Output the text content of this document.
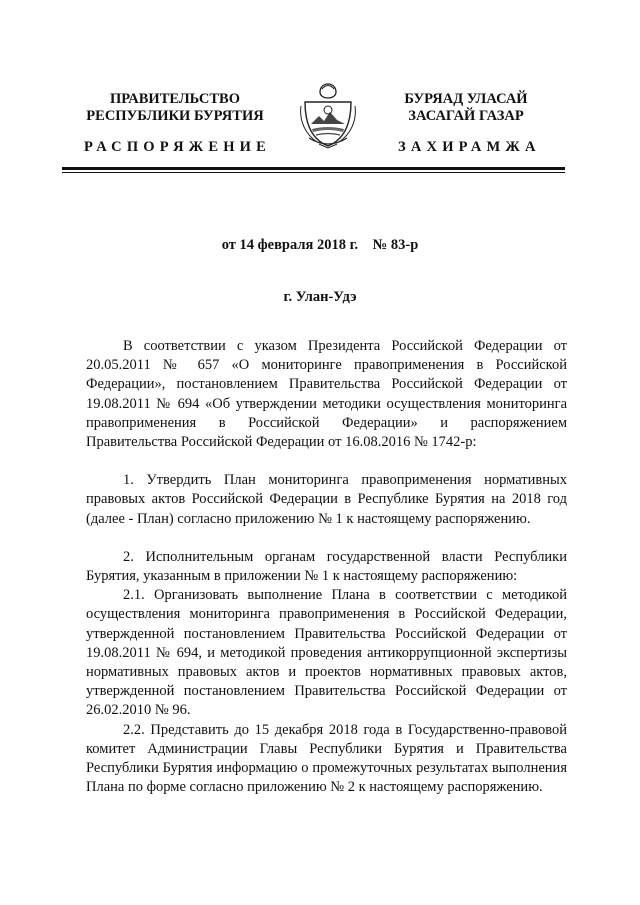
ПРАВИТЕЛЬСТВО
РЕСПУБЛИКИ БУРЯТИЯ
БУРЯАД УЛАСАЙ
ЗАСАГАЙ ГАЗАР
РАСПОРЯЖЕНИЕ	ЗАХИРАМЖА
от 14 февраля 2018 г.    № 83-р
г. Улан-Удэ

В соответствии с указом Президента Российской Федерации от 20.05.2011 № 657 «О мониторинге правоприменения в Российской Федерации», постановлением Правительства Российской Федерации от 19.08.2011 № 694 «Об утверждении методики осуществления мониторинга правоприменения в Российской Федерации» и распоряжением Правительства Российской Федерации от 16.08.2016 № 1742-р:

1. Утвердить План мониторинга правоприменения нормативных правовых актов Российской Федерации в Республике Бурятия на 2018 год (далее - План) согласно приложению № 1 к настоящему распоряжению.

2. Исполнительным органам государственной власти Республики Бурятия, указанным в приложении № 1 к настоящему распоряжению:

2.1. Организовать выполнение Плана в соответствии с методикой осуществления мониторинга правоприменения в Российской Федерации, утвержденной постановлением Правительства Российской Федерации от 19.08.2011 № 694, и методикой проведения антикоррупционной экспертизы нормативных правовых актов и проектов нормативных правовых актов, утвержденной постановлением Правительства Российской Федерации от 26.02.2010 № 96.

2.2. Представить до 15 декабря 2018 года в Государственно-правовой комитет Администрации Главы Республики Бурятия и Правительства Республики Бурятия информацию о промежуточных результатах выполнения Плана по форме согласно приложению № 2 к настоящему распоряжению.
